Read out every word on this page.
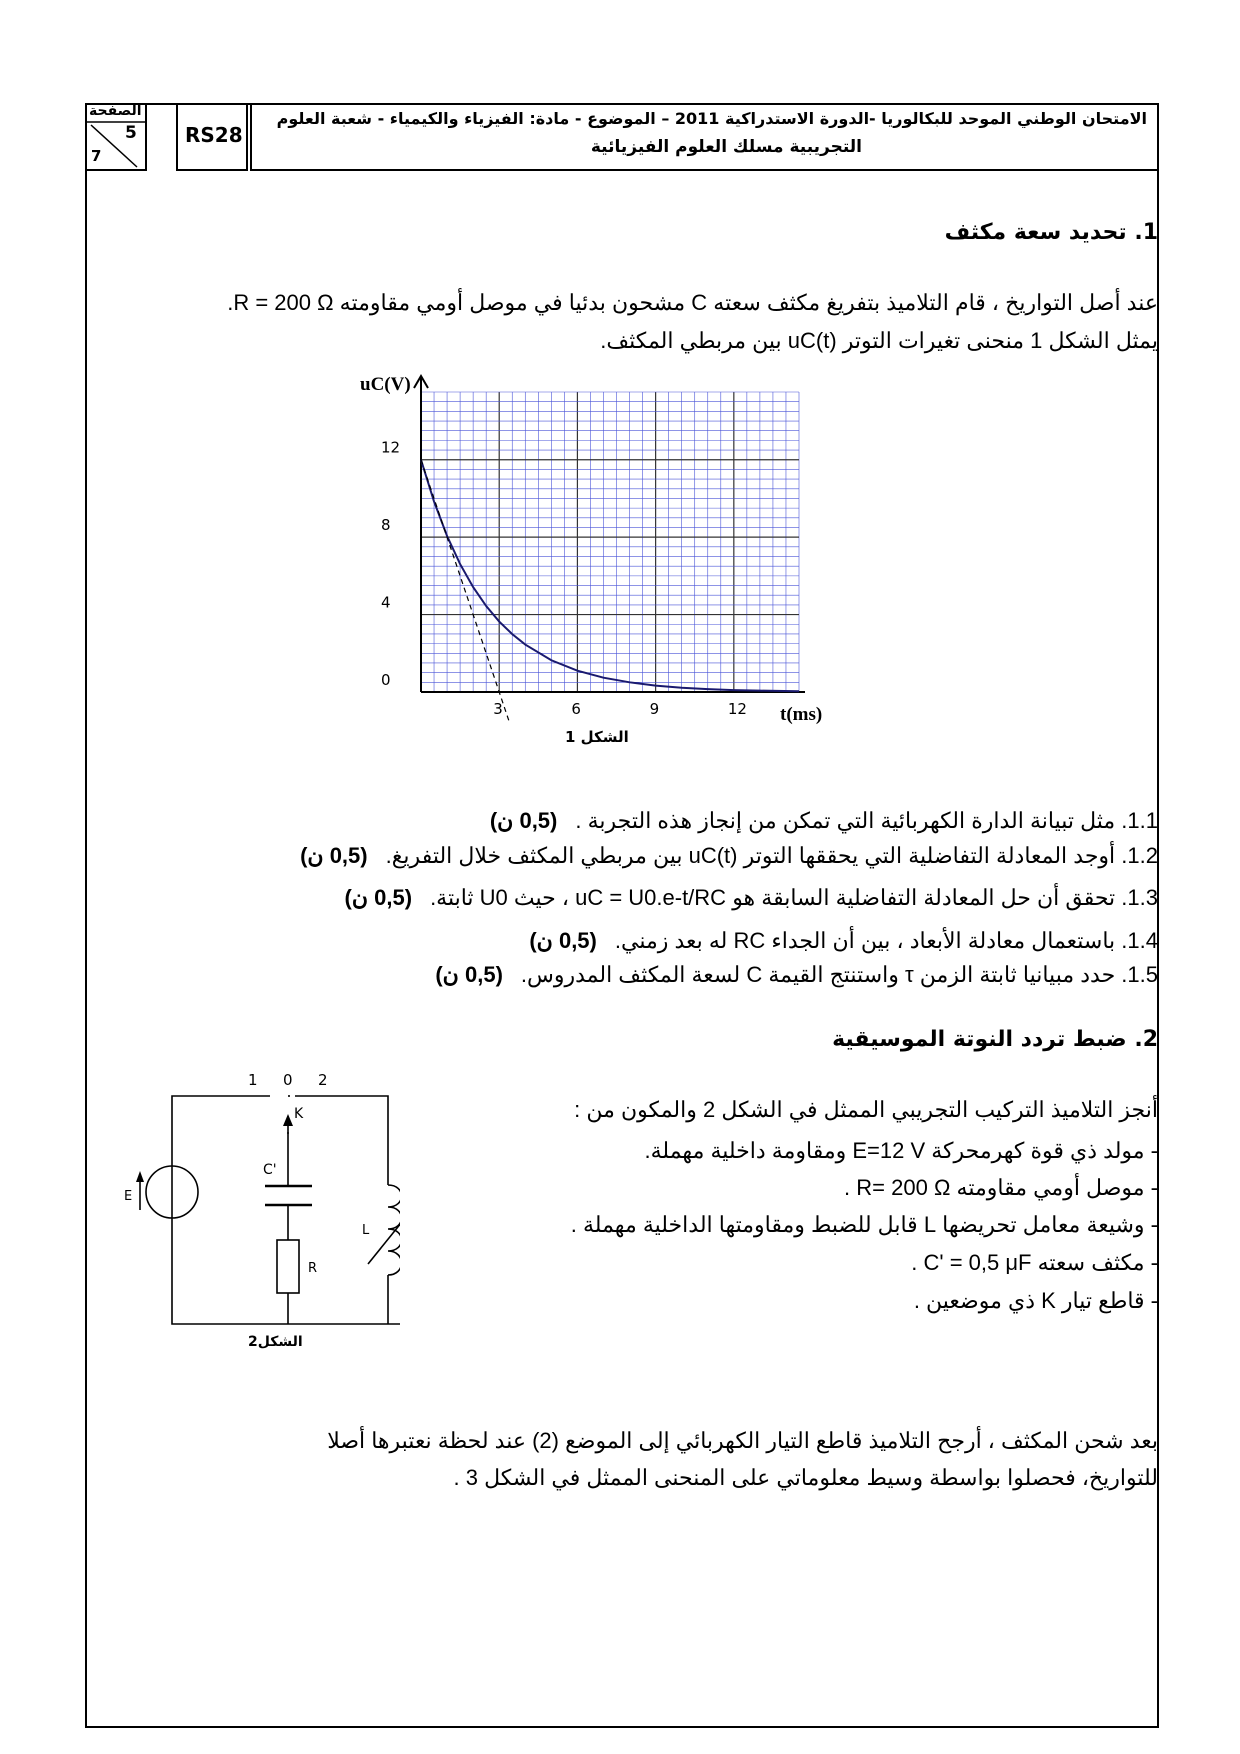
الصفحة
5
7
RS28
الامتحان الوطني الموحد للبكالوريا -الدورة الاستدراكية 2011 – الموضوع - مادة: الفيزياء والكيمياء - شعبة العلوم
التجريبية مسلك العلوم الفيزيائية
1. تحديد سعة مكثف
عند أصل التواريخ ، قام التلاميذ بتفريغ مكثف سعته C مشحون بدئيا في موصل أومي مقاومته R = 200 Ω.
يمثل الشكل 1 منحنى تغيرات التوتر uC(t) بين مربطي المكثف.
3	6	9	12
0
4
8
12
uC(V)
t(ms)
الشكل 1
1.1. مثل تبيانة الدارة الكهربائية التي تمكن من إنجاز هذه التجربة .(0,5 ن)
1.2. أوجد المعادلة التفاضلية التي يحققها التوتر uC(t) بين مربطي المكثف خلال التفريغ.(0,5 ن)
1.3. تحقق أن حل المعادلة التفاضلية السابقة هو uC = U0.e-t/RC ، حيث U0 ثابتة.(0,5 ن)
1.4. باستعمال معادلة الأبعاد ، بين أن الجداء RC له بعد زمني.(0,5 ن)
1.5. حدد مبيانيا ثابتة الزمن τ واستنتج القيمة C لسعة المكثف المدروس.(0,5 ن)
2. ضبط تردد النوتة الموسيقية
أنجز التلاميذ التركيب التجريبي الممثل في الشكل 2 والمكون من :
- مولد ذي قوة كهرمحركة E=12 V ومقاومة داخلية مهملة.
- موصل أومي مقاومته R= 200 Ω .
- وشيعة معامل تحريضها L قابل للضبط ومقاومتها الداخلية مهملة .
- مكثف سعته C' = 0,5 μF .
- قاطع تيار K ذي موضعين .
1 0 2
K
C'
E
R
L
الشكل2
بعد شحن المكثف ، أرجح التلاميذ قاطع التيار الكهربائي إلى الموضع (2) عند لحظة نعتبرها أصلا
للتواريخ، فحصلوا بواسطة وسيط معلوماتي على المنحنى الممثل في الشكل 3 .
